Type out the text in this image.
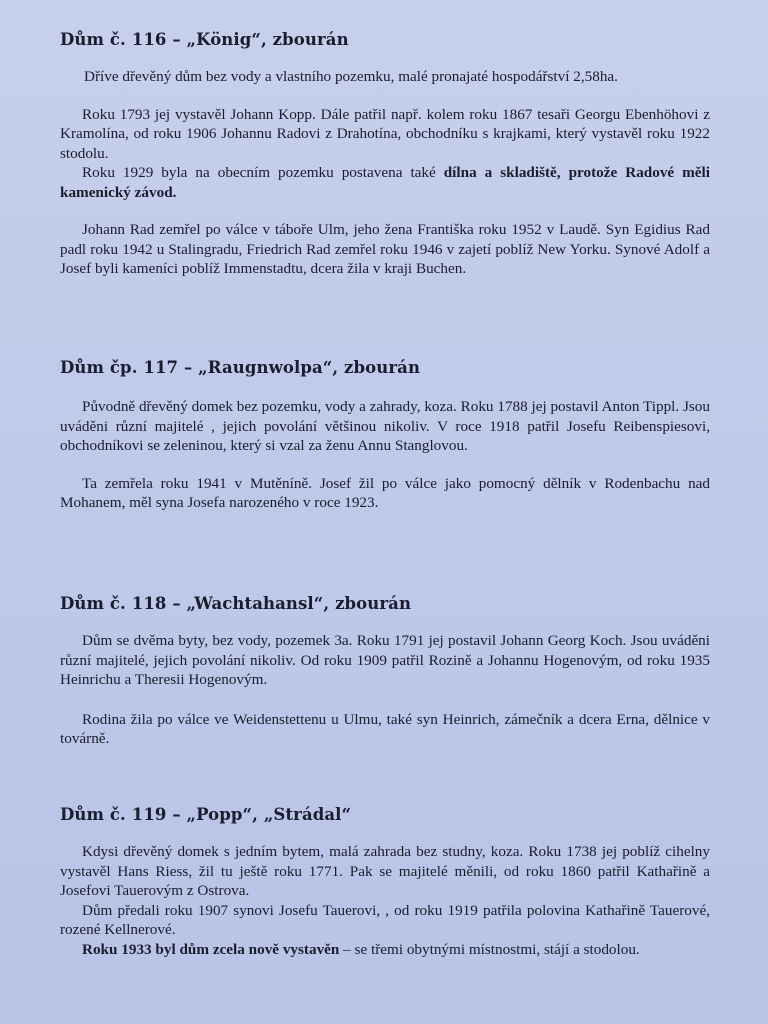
Dům č. 116 – „König“, zbourán

Dříve dřevěný dům bez vody a vlastního pozemku, malé pronajaté hospodářství 2,58ha.

Roku 1793 jej vystavěl Johann Kopp. Dále patřil např. kolem roku 1867 tesaři Georgu Ebenhöhovi z Kramolína, od roku 1906 Johannu Radovi z Drahotína, obchodníku s krajkami, který vystavěl roku 1922 stodolu.

Roku 1929 byla na obecním pozemku postavena také dílna a skladiště, protože Radové měli kamenický závod.

Johann Rad zemřel po válce v táboře Ulm, jeho žena Františka roku 1952 v Laudě. Syn Egidius Rad padl roku 1942 u Stalingradu, Friedrich Rad zemřel roku 1946 v zajetí poblíž New Yorku. Synové Adolf a Josef byli kameníci poblíž Immenstadtu, dcera žila v kraji Buchen.

Dům čp. 117 – „Raugnwolpa“, zbourán

Původně dřevěný domek bez pozemku, vody a zahrady, koza. Roku 1788 jej postavil Anton Tippl. Jsou uváděni různí majitelé , jejich povolání většinou nikoliv. V roce 1918 patřil Josefu Reibenspiesovi, obchodníkovi se zeleninou, který si vzal za ženu Annu Stanglovou.

Ta zemřela roku 1941 v Mutěníně. Josef žil po válce jako pomocný dělník v Rodenbachu nad Mohanem, měl syna Josefa narozeného v roce 1923.

Dům č. 118 – „Wachtahansl“, zbourán

Dům se dvěma byty, bez vody, pozemek 3a. Roku 1791 jej postavil Johann Georg Koch. Jsou uváděni různí majitelé, jejich povolání nikoliv. Od roku 1909 patřil Rozině a Johannu Hogenovým, od roku 1935 Heinrichu a Theresii Hogenovým.

Rodina žila po válce ve Weidenstettenu u Ulmu, také syn Heinrich, zámečník a dcera Erna, dělnice v továrně.

Dům č. 119 – „Popp“, „Strádal“

Kdysi dřevěný domek s jedním bytem, malá zahrada bez studny, koza. Roku 1738 jej poblíž cihelny vystavěl Hans Riess, žil tu ještě roku 1771. Pak se majitelé měnili, od roku 1860 patřil Kathařině a Josefovi Tauerovým z Ostrova.

Dům předali roku 1907 synovi Josefu Tauerovi, , od roku 1919 patřila polovina Kathařině Tauerové, rozené Kellnerové.

Roku 1933 byl dům zcela nově vystavěn – se třemi obytnými místnostmi, stájí a stodolou.
